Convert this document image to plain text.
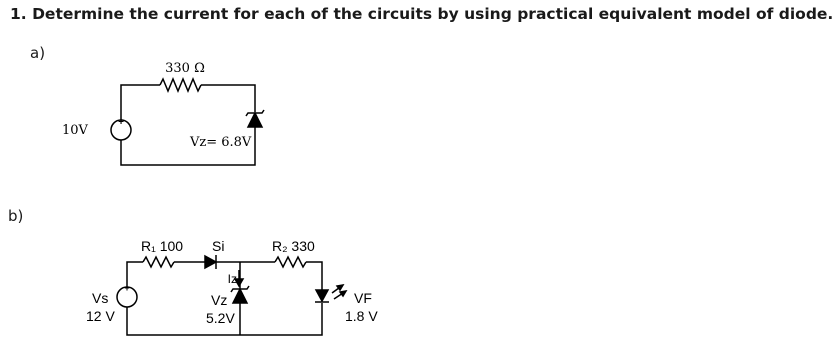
1. Determine the current for each of the circuits by using practical equivalent model of diode.
a)
b)
+
330 Ω
10V
Vz= 6.8V
+
R₁ 100 Si	R₂ 330
Iz
Vs
12 V
Vz
5.2V
VF
1.8 V
